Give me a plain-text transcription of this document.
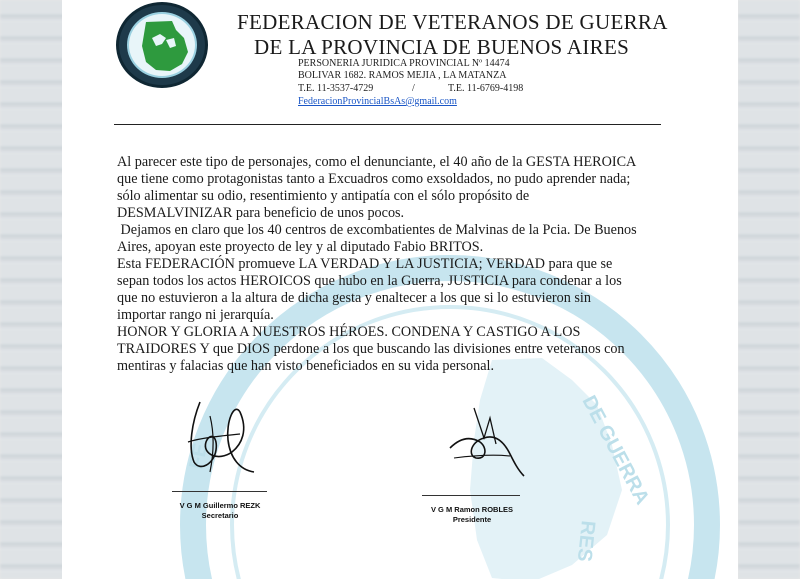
DE GUERRA
RES
FE
FEDERACION DE VETERANOS DE GUERRA
DE LA PROVINCIA DE BUENOS AIRES
PERSONERIA JURIDICA PROVINCIAL Nº 14474
BOLIVAR 1682. RAMOS MEJIA , LA MATANZA
T.E. 11-3537-4729	/	T.E. 11-6769-4198
FederacionProvincialBsAs@gmail.com

Al parecer este tipo de personajes, como el denunciante, el 40 año de la GESTA HEROICA

que tiene como protagonistas tanto a Excuadros como exsoldados, no pudo aprender nada;

sólo alimentar su odio, resentimiento y antipatía con el sólo propósito de

DESMALVINIZAR para beneficio de unos pocos.

Dejamos en claro que los 40 centros de excombatientes de Malvinas de la Pcia. De Buenos

Aires, apoyan este proyecto de ley y al diputado Fabio BRITOS.

Esta FEDERACIÓN promueve LA VERDAD Y LA JUSTICIA; VERDAD para que se

sepan todos los actos HEROICOS que hubo en la Guerra, JUSTICIA para condenar a los

que no estuvieron a la altura de dicha gesta y enaltecer a los que si lo estuvieron sin

importar rango ni jerarquía.

HONOR Y GLORIA A NUESTROS HÉROES. CONDENA Y CASTIGO A LOS

TRAIDORES Y que DIOS perdone a los que buscando las divisiones entre veteranos con

mentiras y falacias que han visto beneficiados en su vida personal.

V G M Guillermo REZK
Secretario
V G M Ramon ROBLES
Presidente
